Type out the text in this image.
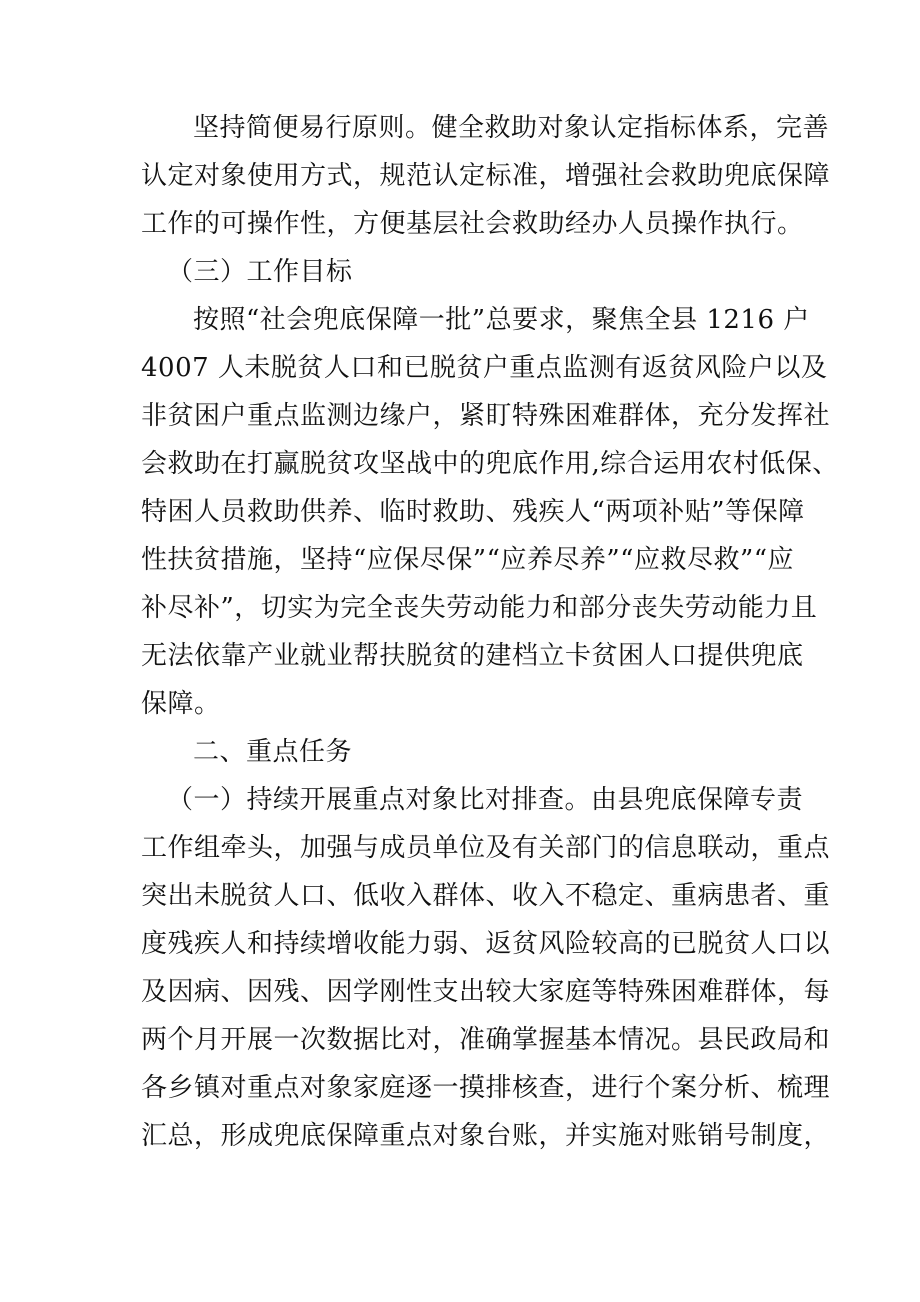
坚持简便易行原则。健全救助对象认定指标体系，完善
认定对象使用方式，规范认定标准，增强社会救助兜底保障
工作的可操作性，方便基层社会救助经办人员操作执行。
（三）工作目标
按照“社会兜底保障一批”总要求，聚焦全县 1216 户
4007 人未脱贫人口和已脱贫户重点监测有返贫风险户以及
非贫困户重点监测边缘户，紧盯特殊困难群体，充分发挥社
会救助在打赢脱贫攻坚战中的兜底作用,综合运用农村低保、
特困人员救助供养、临时救助、残疾人“两项补贴”等保障
性扶贫措施，坚持“应保尽保”“应养尽养”“应救尽救”“应
补尽补”，切实为完全丧失劳动能力和部分丧失劳动能力且
无法依靠产业就业帮扶脱贫的建档立卡贫困人口提供兜底
保障。
二、重点任务
（一）持续开展重点对象比对排查。由县兜底保障专责
工作组牵头，加强与成员单位及有关部门的信息联动，重点
突出未脱贫人口、低收入群体、收入不稳定、重病患者、重
度残疾人和持续增收能力弱、返贫风险较高的已脱贫人口以
及因病、因残、因学刚性支出较大家庭等特殊困难群体，每
两个月开展一次数据比对，准确掌握基本情况。县民政局和
各乡镇对重点对象家庭逐一摸排核查，进行个案分析、梳理
汇总，形成兜底保障重点对象台账，并实施对账销号制度，
